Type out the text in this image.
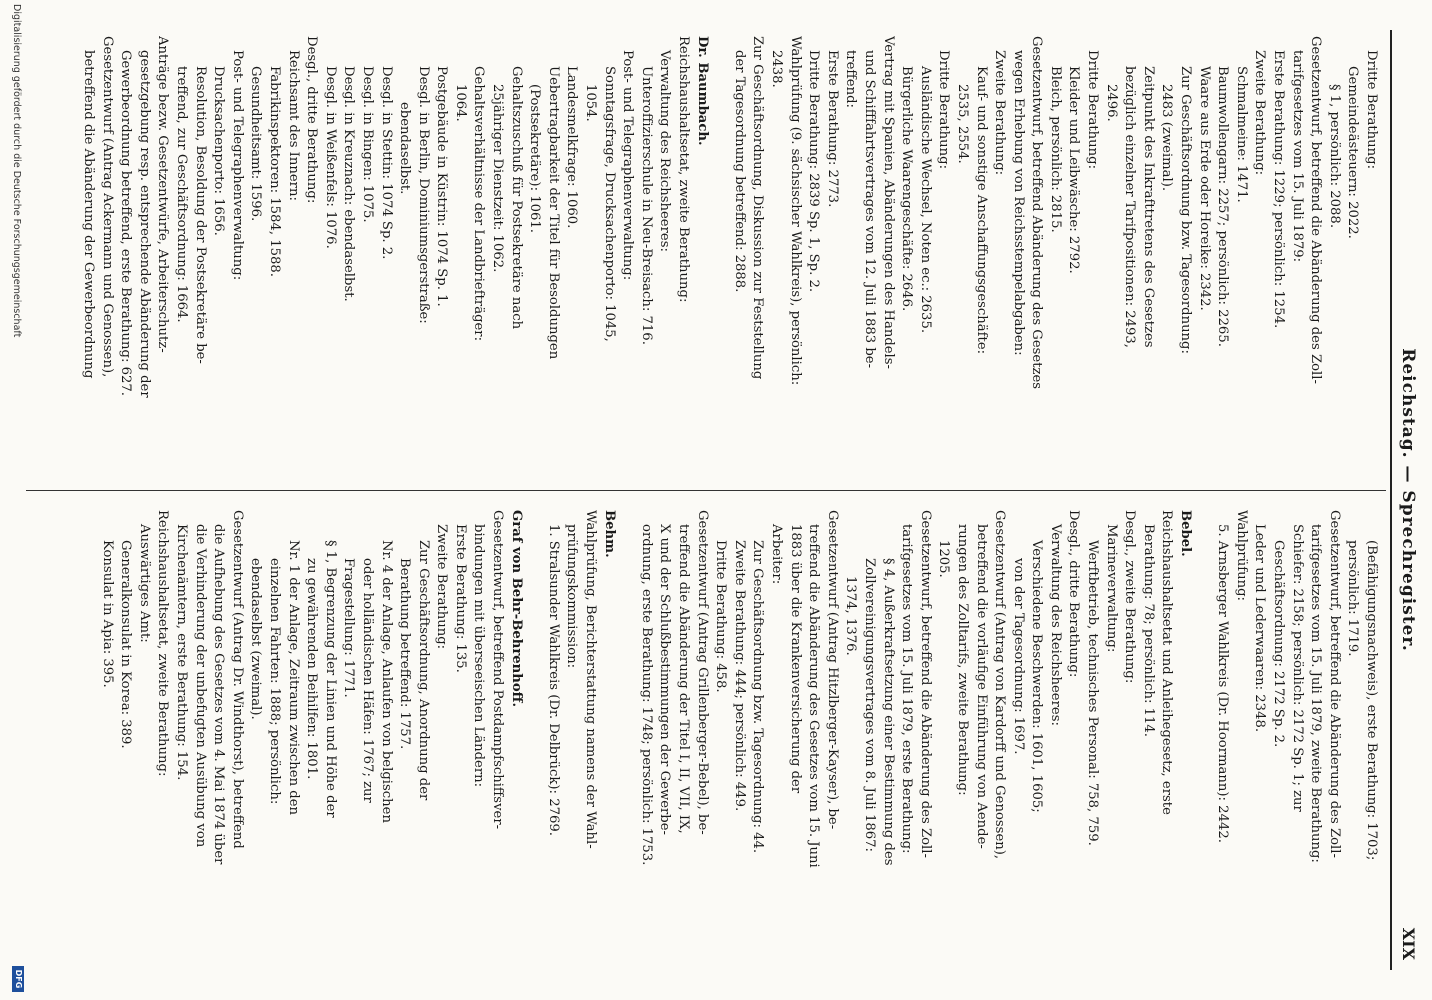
Reichstag. — Sprechregister.
XIX
Dritte Berathung:
Gemeindeästeuern: 2022.
§ 1, persönlich: 2088.
Gesetzentwurf, betreffend die Abänderung des Zoll-
tarifgesetzes vom 15. Juli 1879:
Erste Berathung: 1229; persönlich: 1254.
Zweite Berathung:
Schmalmeine: 1471.
Baumwollengarn: 2257; persönlich: 2265.
Waare aus Erde oder Horeike: 2342.
Zur Geschäftsordnung bzw. Tagesordnung:
2483 (zweimal).
Zeitpunkt des Inkrafttretens des Gesetzes
bezüglich einzelner Tarifpositionen: 2493,
2496.
Dritte Berathung:
Kleider und Leibwäsche: 2792.
Bleich, persönlich: 2815.
Gesetzentwurf, betreffend Abänderung des Gesetzes
wegen Erhebung von Reichsstempelabgaben:
Zweite Berathung:
Kauf- und sonstige Anschaffungsgeschäfte:
2535, 2554.
Dritte Berathung:
Ausländische Wechsel, Noten ec.: 2635.
Bürgerliche Waarengeschäfte: 2646.
Vertrag mit Spanien, Abänderungen des Handels-
und Schifffahrtsvertrages vom 12. Juli 1883 be-
treffend:
Erste Berathung: 2773.
Dritte Berathung: 2839 Sp. 1, Sp. 2.
Wahlprüfung (9. sächsischer Wahlkreis), persönlich:
2438.
Zur Geschäftsordnung, Diskussion zur Feststellung
der Tagesordnung betreffend: 2888.

Dr. Baumbach.
Reichshaushaltsetat, zweite Berathung:
Verwaltung des Reichsheeres:
Unteroffizierschule in Neu-Breisach: 716.
Post- und Telegraphenverwaltung:
Sonntagsfrage, Drucksachenporto: 1045,
1054.
Landesmelkfrage: 1060.
Uebertragbarkeit der Titel für Besoldungen
(Postsekretäre): 1061.
Gehaltszuschuß für Postsekretäre nach
25jähriger Dienstzeit: 1062.
Gehaltsverhältnisse der Landbriefträger:
1064.
Postgebäude in Küstrin: 1074 Sp. 1.
Desgl. in Berlin, Dominiumsgerstraße:
ebendaselbst.
Desgl. in Stettin: 1074 Sp. 2.
Desgl. in Bingen: 1075.
Desgl. in Kreuznach: ebendaselbst.
Desgl. in Weißenfels: 1076.
Desgl., dritte Berathung:
Reichsamt des Innern:
Fabrikinspektoren: 1584, 1588.
Gesundheitsamt: 1596.
Post- und Telegraphenverwaltung:
Drucksachenporto: 1656.
Resolution, Besoldung der Postsekretäre be-
treffend, zur Geschäftsordnung: 1664.
Anträge bezw. Gesetzentwürfe, Arbeiterschutz-
gesetzgebung resp. entsprechende Abänderung der
Gewerbeordnung betreffend, erste Berathung: 627.
Gesetzentwurf (Antrag Ackermann und Genossen),
betreffend die Abänderung der Gewerbeordnung
(Befähigungsnachweis), erste Berathung: 1703;
persönlich: 1719.
Gesetzentwurf, betreffend die Abänderung des Zoll-
tarifgesetzes vom 15. Juli 1879, zweite Berathung:
Schiefer: 2158; persönlich: 2172 Sp. 1; zur
Geschäftsordnung: 2172 Sp. 2.
Leder und Lederwaaren: 2348.
Wahlprüfung:
5. Arnsberger Wahlkreis (Dr. Hoormann): 2442.

Bebel.
Reichshaushaltsetat und Anleihegesetz, erste
Berathung: 78; persönlich: 114.
Desgl., zweite Berathung:
Marineverwaltung:
Werftbetrieb, technisches Personal: 758, 759.
Desgl., dritte Berathung:
Verwaltung des Reichsheeres:
Verschiedene Beschwerden: 1601, 1605;
von der Tagesordnung: 1697.
Gesetzentwurf (Antrag von Kardorff und Genossen),
betreffend die vorläufige Einführung von Aende-
rungen des Zolltarifs, zweite Berathung:
1205.
Gesetzentwurf, betreffend die Abänderung des Zoll-
tarifgesetzes vom 15. Juli 1879, erste Berathung:
§ 4, Außerkraftsetzung einer Bestimmung des
Zollvereinigungsvertrages vom 8. Juli 1867:
1374, 1376.
Gesetzentwurf (Antrag Hitzlberger-Kayser), be-
treffend die Abänderung des Gesetzes vom 15. Juni
1883 über die Krankenversicherung der
Arbeiter:
Zur Geschäftsordnung bzw. Tagesordnung: 44.
Zweite Berathung: 444; persönlich: 449.
Dritte Berathung: 458.
Gesetzentwurf (Antrag Grillenberger-Bebel), be-
treffend die Abänderung der Titel I, II, VII, IX,
X und der Schlußbestimmungen der Gewerbe-
ordnung, erste Berathung: 1748; persönlich: 1753.

Behm.
Wahlprüfung, Berichterstattung namens der Wahl-
prüfungskommission:
1. Stralsunder Wahlkreis (Dr. Delbrück): 2769.

Graf von Behr-Behrenhoff.
Gesetzentwurf, betreffend Postdampfschiffsver-
bindungen mit überseeischen Ländern:
Erste Berathung: 135.
Zweite Berathung:
Zur Geschäftsordnung, Anordnung der
Berathung betreffend: 1757.
Nr. 4 der Anlage, Anlaufen von belgischen
oder holländischen Häfen: 1767; zur
Fragestellung: 1771.
§ 1, Begrenzung der Linien und Höhe der
zu gewährenden Beihilfen: 1801.
Nr. 1 der Anlage, Zeitraum zwischen den
einzelnen Fahrten: 1888; persönlich:
ebendaselbst (zweimal).
Gesetzentwurf (Antrag Dr. Windthorst), betreffend
die Aufhebung des Gesetzes vom 4. Mai 1874 über
die Verhinderung der unbefugten Ausübung von
Kirchenämtern, erste Berathung: 154.
Reichshaushaltsetat, zweite Berathung:
Auswärtiges Amt:
Generalkonsulat in Korea: 389.
Konsulat in Apia: 395.
Digitalisierung gefördert durch die Deutsche Forschungsgemeinschaft
DFG
